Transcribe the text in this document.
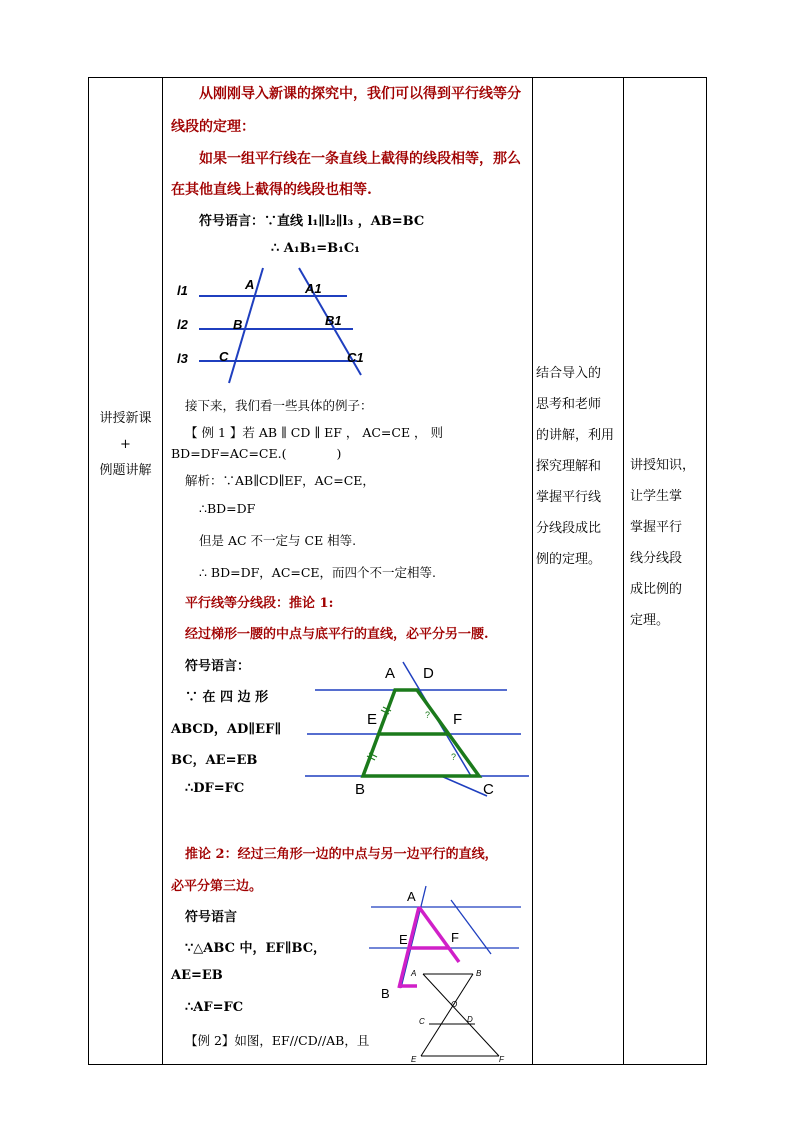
讲授新课
+
例题讲解

从刚刚导入新课的探究中，我们可以得到平行线等分
线段的定理：
如果一组平行线在一条直线上截得的线段相等，那么
在其他直线上截得的线段也相等.
符号语言：∵直线 l₁∥l₂∥l₃ ，AB=BC
∴ A₁B₁=B₁C₁
l1
l2
l3
A
B
C
A1
B1
C1
接下来，我们看一些具体的例子：
【 例 1 】若 AB ∥ CD ∥ EF ， AC=CE ， 则
BD=DF=AC=CE.(　　　　)
解析：∵AB∥CD∥EF，AC=CE，
∴BD=DF
但是 AC 不一定与 CE 相等.
∴ BD=DF，AC=CE，而四个不一定相等.
平行线等分线段：推论 1:
经过梯形一腰的中点与底平行的直线，必平分另一腰.
符号语言：
∵ 在 四 边 形
ABCD，AD∥EF∥
BC，AE=EB
∴DF=FC
A D
E	F
B	C
?
?
推论 2：经过三角形一边的中点与另一边平行的直线，
必平分第三边。
符号语言
∵△ABC 中，EF∥BC，
AE=EB
∴AF=FC
【例 2】如图，EF//CD//AB，且
A
E	F
B
A	B
O
C	D
E	F

结合导入的
思考和老师
的讲解，利用
探究理解和
掌握平行线
分线段成比
例的定理。

讲授知识，
让学生掌
掌握平行
线分线段
成比例的
定理。
